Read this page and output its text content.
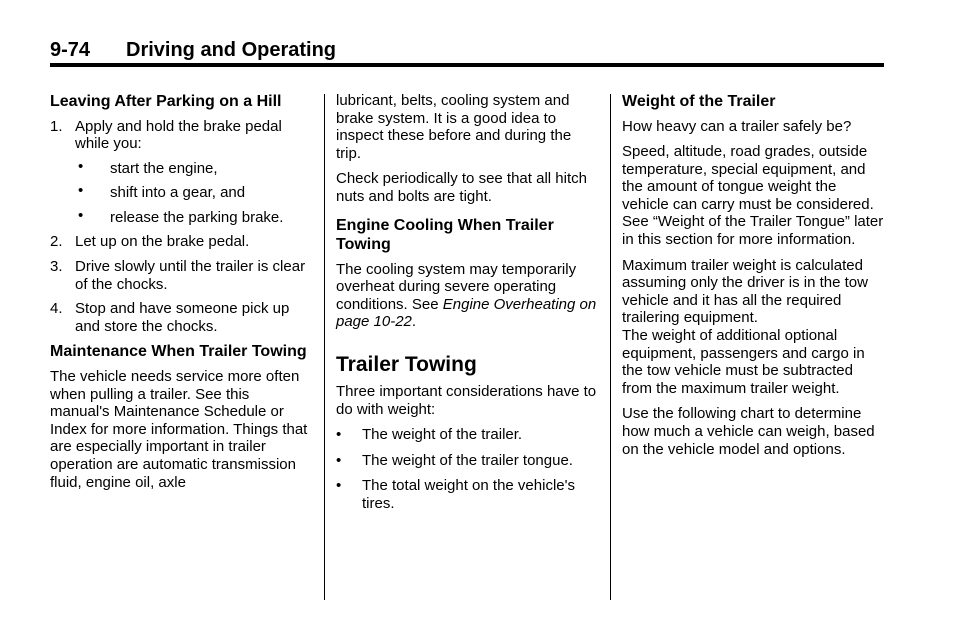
9-74 Driving and Operating
Leaving After Parking on a Hill
1. Apply and hold the brake pedal while you:
• start the engine,
• shift into a gear, and
• release the parking brake.
2. Let up on the brake pedal.
3. Drive slowly until the trailer is clear of the chocks.
4. Stop and have someone pick up and store the chocks.
Maintenance When Trailer Towing

The vehicle needs service more often when pulling a trailer. See this manual's Maintenance Schedule or Index for more information. Things that are especially important in trailer operation are automatic transmission fluid, engine oil, axle

lubricant, belts, cooling system and brake system. It is a good idea to inspect these before and during the trip.

Check periodically to see that all hitch nuts and bolts are tight.

Engine Cooling When Trailer Towing

The cooling system may temporarily overheat during severe operating conditions. See Engine Overheating on page 10-22.

Trailer Towing

Three important considerations have to do with weight:

• The weight of the trailer.
• The weight of the trailer tongue.
• The total weight on the vehicle's tires.
Weight of the Trailer

How heavy can a trailer safely be?

Speed, altitude, road grades, outside temperature, special equipment, and the amount of tongue weight the vehicle can carry must be considered. See “Weight of the Trailer Tongue” later in this section for more information.

Maximum trailer weight is calculated assuming only the driver is in the tow vehicle and it has all the required trailering equipment.
The weight of additional optional equipment, passengers and cargo in the tow vehicle must be subtracted from the maximum trailer weight.

Use the following chart to determine how much a vehicle can weigh, based on the vehicle model and options.
